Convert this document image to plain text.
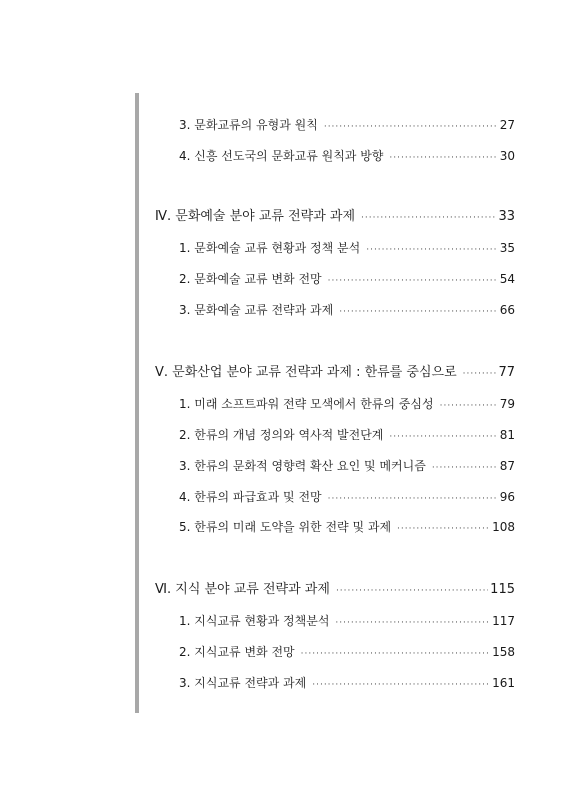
3. 문화교류의 유형과 원칙 ·····	27
4. 신흥 선도국의 문화교류 원칙과 방향 ·····	30
Ⅳ. 문화예술 분야 교류 전략과 과제 ·····	33
1. 문화예술 교류 현황과 정책 분석 ·····	35
2. 문화예술 교류 변화 전망 ·····	54
3. 문화예술 교류 전략과 과제 ·····	66
Ⅴ. 문화산업 분야 교류 전략과 과제 : 한류를 중심으로 ·····	77
1. 미래 소프트파워 전략 모색에서 한류의 중심성 ·····	79
2. 한류의 개념 정의와 역사적 발전단계 ·····	81
3. 한류의 문화적 영향력 확산 요인 및 메커니즘 ·····	87
4. 한류의 파급효과 및 전망 ·····	96
5. 한류의 미래 도약을 위한 전략 및 과제 ·····	108
Ⅵ. 지식 분야 교류 전략과 과제 ·····	115
1. 지식교류 현황과 정책분석 ·····	117
2. 지식교류 변화 전망 ·····	158
3. 지식교류 전략과 과제 ·····	161
